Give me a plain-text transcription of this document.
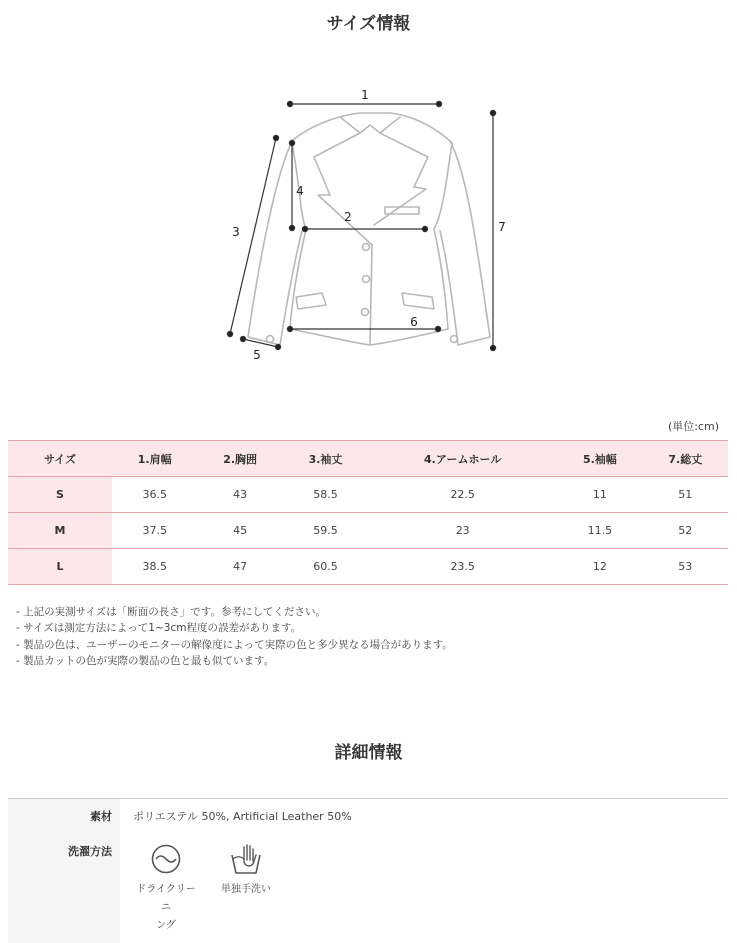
サイズ情報
1
2
3
4
5
6
7
(単位:cm)
サイズ	1.肩幅	2.胸囲	3.袖丈	4.アームホール	5.袖幅	7.総丈
S	36.5	43	58.5	22.5	11	51
M	37.5	45	59.5	23	11.5	52
L	38.5	47	60.5	23.5	12	53
- 上記の実測サイズは「断面の長さ」です。参考にしてください。
- サイズは測定方法によって1~3cm程度の誤差があります。
- 製品の色は、ユーザーのモニターの解像度によって実際の色と多少異なる場合があります。
- 製品カットの色が実際の製品の色と最も似ています。
詳細情報
素材	ポリエステル 50%, Artificial Leather 50%
洗濯方法	ドライクリーニ
ング
単独手洗い
